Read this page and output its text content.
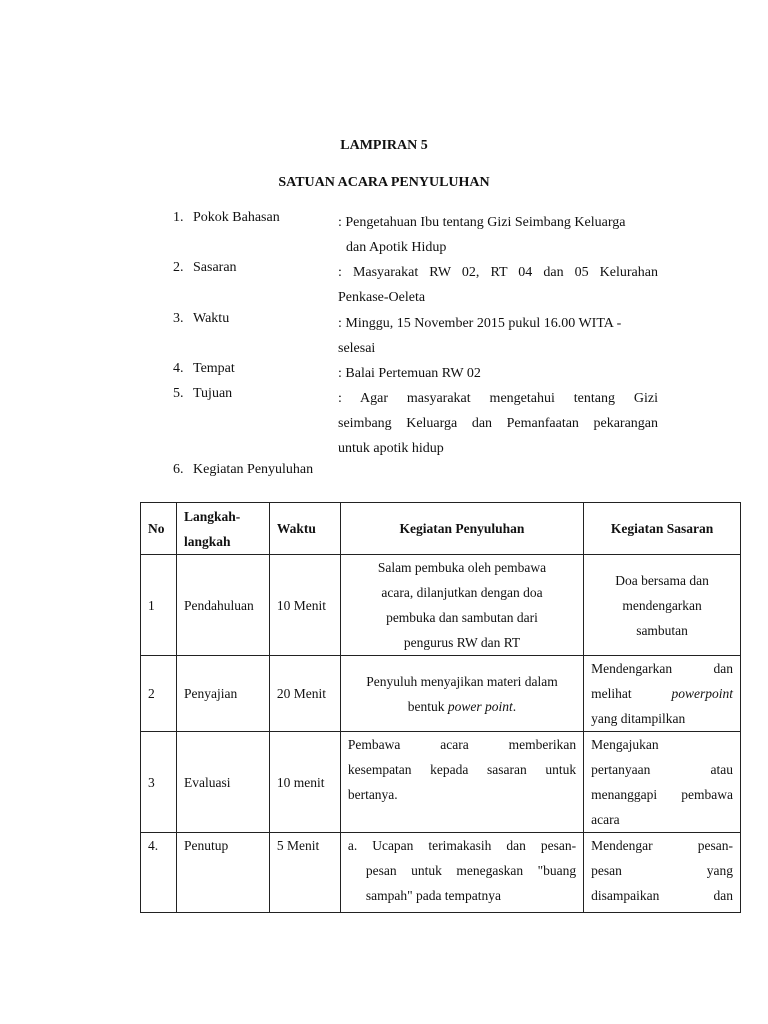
LAMPIRAN 5
SATUAN ACARA PENYULUHAN
1. Pokok Bahasan	: Pengetahuan Ibu tentang Gizi Seimbang Keluarga
dan Apotik Hidup
2. Sasaran	: Masyarakat RW 02, RT 04 dan 05 Kelurahan
Penkase-Oeleta
3. Waktu	: Minggu, 15 November 2015 pukul 16.00 WITA -
selesai
4. Tempat	: Balai Pertemuan RW 02
5. Tujuan	: Agar masyarakat mengetahui tentang Gizi
seimbang Keluarga dan Pemanfaatan pekarangan
untuk apotik hidup
6. Kegiatan Penyuluhan
No	Langkah-
langkah	Waktu	Kegiatan Penyuluhan	Kegiatan Sasaran
1	Pendahuluan	10 Menit	Salam pembuka oleh pembawa
acara, dilanjutkan dengan doa
pembuka dan sambutan dari
pengurus RW dan RT	Doa bersama dan
mendengarkan
sambutan

2	Penyajian	20 Menit	Penyuluh menyajikan materi dalam
bentuk power point.	Mendengarkan dan
melihat powerpoint
yang ditampilkan

3	Evaluasi	10 menit	Pembawa acara memberikan
kesempatan kepada sasaran untuk
bertanya.	Mengajukan
pertanyaan atau
menanggapi pembawa
acara

4.	Penutup	5 Menit	a. Ucapan terimakasih dan pesan-
pesan untuk menegaskan "buang
sampah" pada tempatnya	Mendengar pesan-
pesan yang
disampaikan dan
